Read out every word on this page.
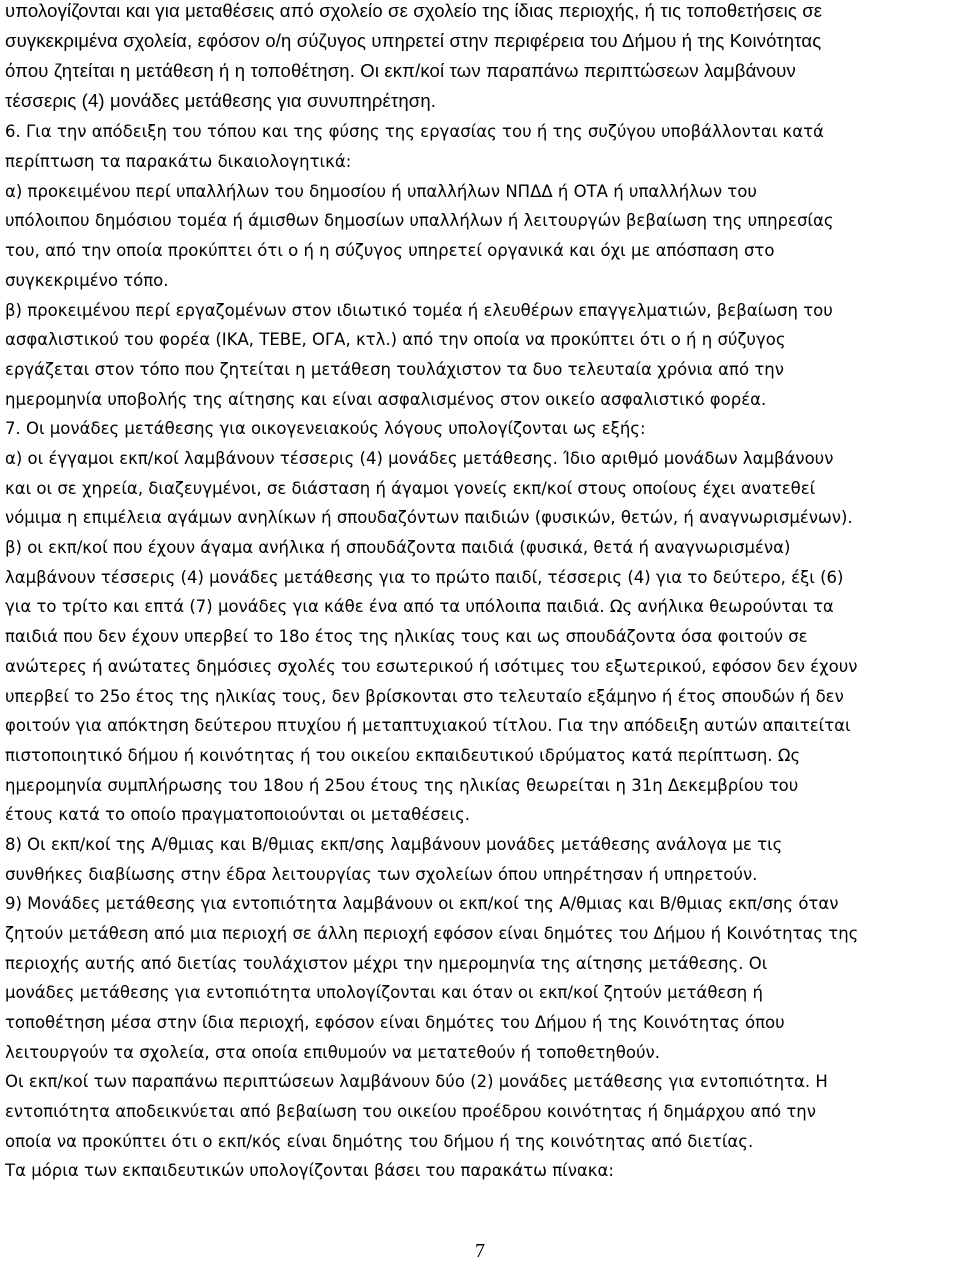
υπολογίζονται και για μεταθέσεις από σχολείο σε σχολείο της ίδιας περιοχής, ή τις τοποθετήσεις σε
συγκεκριμένα σχολεία, εφόσον ο/η σύζυγος υπηρετεί στην περιφέρεια του Δήμου ή της Κοινότητας
όπου ζητείται η μετάθεση ή η τοποθέτηση. Οι εκπ/κοί των παραπάνω περιπτώσεων λαμβάνουν
τέσσερις (4) μονάδες μετάθεσης για συνυπηρέτηση.
6. Για την απόδειξη του τόπου και της φύσης της εργασίας του ή της συζύγου υποβάλλονται κατά
περίπτωση τα παρακάτω δικαιολογητικά:
α) προκειμένου περί υπαλλήλων του δημοσίου ή υπαλλήλων ΝΠΔΔ ή ΟΤΑ ή υπαλλήλων του
υπόλοιπου δημόσιου τομέα ή άμισθων δημοσίων υπαλλήλων ή λειτουργών βεβαίωση της υπηρεσίας
του, από την οποία προκύπτει ότι ο ή η σύζυγος υπηρετεί οργανικά και όχι με απόσπαση στο
συγκεκριμένο τόπο.
β) προκειμένου περί εργαζομένων στον ιδιωτικό τομέα ή ελευθέρων επαγγελματιών, βεβαίωση του
ασφαλιστικού του φορέα (ΙΚΑ, ΤΕΒΕ, ΟΓΑ, κτλ.) από την οποία να προκύπτει ότι ο ή η σύζυγος
εργάζεται στον τόπο που ζητείται η μετάθεση τουλάχιστον τα δυο τελευταία χρόνια από την
ημερομηνία υποβολής της αίτησης και είναι ασφαλισμένος στον οικείο ασφαλιστικό φορέα.
7. Οι μονάδες μετάθεσης για οικογενειακούς λόγους υπολογίζονται ως εξής:
α) οι έγγαμοι εκπ/κοί λαμβάνουν τέσσερις (4) μονάδες μετάθεσης. Ίδιο αριθμό μονάδων λαμβάνουν
και οι σε χηρεία, διαζευγμένοι, σε διάσταση ή άγαμοι γονείς εκπ/κοί στους οποίους έχει ανατεθεί
νόμιμα η επιμέλεια αγάμων ανηλίκων ή σπουδαζόντων παιδιών (φυσικών, θετών, ή αναγνωρισμένων).
β) οι εκπ/κοί που έχουν άγαμα ανήλικα ή σπουδάζοντα παιδιά (φυσικά, θετά ή αναγνωρισμένα)
λαμβάνουν τέσσερις (4) μονάδες μετάθεσης για το πρώτο παιδί, τέσσερις (4) για το δεύτερο, έξι (6)
για το τρίτο και επτά (7) μονάδες για κάθε ένα από τα υπόλοιπα παιδιά. Ως ανήλικα θεωρούνται τα
παιδιά που δεν έχουν υπερβεί το 18ο έτος της ηλικίας τους και ως σπουδάζοντα όσα φοιτούν σε
ανώτερες ή ανώτατες δημόσιες σχολές του εσωτερικού ή ισότιμες του εξωτερικού, εφόσον δεν έχουν
υπερβεί το 25ο έτος της ηλικίας τους, δεν βρίσκονται στο τελευταίο εξάμηνο ή έτος σπουδών ή δεν
φοιτούν για απόκτηση δεύτερου πτυχίου ή μεταπτυχιακού τίτλου. Για την απόδειξη αυτών απαιτείται
πιστοποιητικό δήμου ή κοινότητας ή του οικείου εκπαιδευτικού ιδρύματος κατά περίπτωση. Ως
ημερομηνία συμπλήρωσης του 18ου ή 25ου έτους της ηλικίας θεωρείται η 31η Δεκεμβρίου του
έτους κατά το οποίο πραγματοποιούνται οι μεταθέσεις.
8) Οι εκπ/κοί της Α/θμιας και Β/θμιας εκπ/σης λαμβάνουν μονάδες μετάθεσης ανάλογα με τις
συνθήκες διαβίωσης στην έδρα λειτουργίας των σχολείων όπου υπηρέτησαν ή υπηρετούν.
9) Μονάδες μετάθεσης για εντοπιότητα λαμβάνουν οι εκπ/κοί της Α/θμιας και Β/θμιας εκπ/σης όταν
ζητούν μετάθεση από μια περιοχή σε άλλη περιοχή εφόσον είναι δημότες του Δήμου ή Κοινότητας της
περιοχής αυτής από διετίας τουλάχιστον μέχρι την ημερομηνία της αίτησης μετάθεσης. Οι
μονάδες μετάθεσης για εντοπιότητα υπολογίζονται και όταν οι εκπ/κοί ζητούν μετάθεση ή
τοποθέτηση μέσα στην ίδια περιοχή, εφόσον είναι δημότες του Δήμου ή της Κοινότητας όπου
λειτουργούν τα σχολεία, στα οποία επιθυμούν να μετατεθούν ή τοποθετηθούν.
Οι εκπ/κοί των παραπάνω περιπτώσεων λαμβάνουν δύο (2) μονάδες μετάθεσης για εντοπιότητα. Η
εντοπιότητα αποδεικνύεται από βεβαίωση του οικείου προέδρου κοινότητας ή δημάρχου από την
οποία να προκύπτει ότι ο εκπ/κός είναι δημότης του δήμου ή της κοινότητας από διετίας.
Τα μόρια των εκπαιδευτικών υπολογίζονται βάσει του παρακάτω πίνακα:
7
